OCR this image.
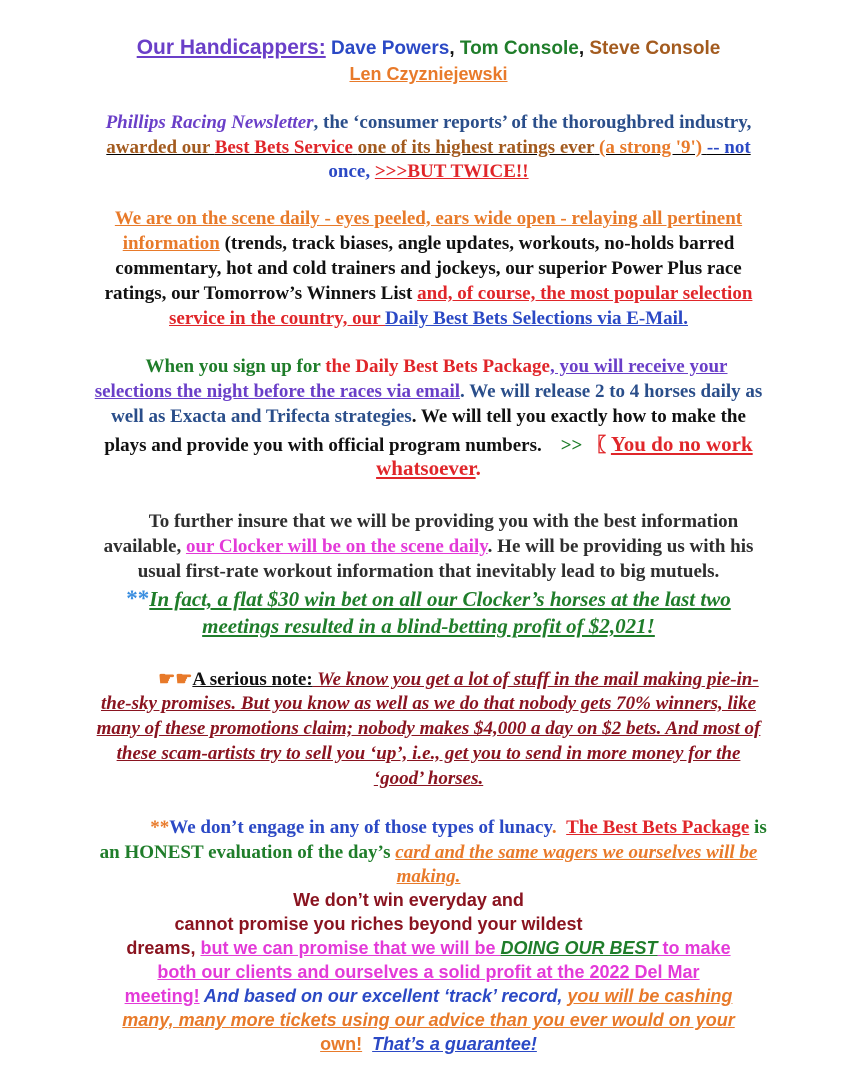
Our Handicappers: Dave Powers, Tom Console, Steve Console
Len Czyzniejewski
Phillips Racing Newsletter, the ‘consumer reports’ of the thoroughbred industry,
awarded our Best Bets Service one of its highest ratings ever (a strong '9') -- not
once, >>>BUT TWICE!!
We are on the scene daily - eyes peeled, ears wide open - relaying all pertinent
information (trends, track biases, angle updates, workouts, no-holds barred
commentary, hot and cold trainers and jockeys, our superior Power Plus race
ratings, our Tomorrow’s Winners List and, of course, the most popular selection
service in the country, our Daily Best Bets Selections via E-Mail.
When you sign up for the Daily Best Bets Package, you will receive your
selections the night before the races via email. We will release 2 to 4 horses daily as
well as Exacta and Trifecta strategies. We will tell you exactly how to make the
plays and provide you with official program numbers. >> 〖 You do no work
whatsoever.
To further insure that we will be providing you with the best information
available, our Clocker will be on the scene daily. He will be providing us with his
usual first-rate workout information that inevitably lead to big mutuels.
**In fact, a flat $30 win bet on all our Clocker’s horses at the last two
meetings resulted in a blind-betting profit of $2,021!
☛☛A serious note: We know you get a lot of stuff in the mail making pie-in-
the-sky promises. But you know as well as we do that nobody gets 70% winners, like
many of these promotions claim; nobody makes $4,000 a day on $2 bets. And most of
these scam-artists try to sell you ‘up’, i.e., get you to send in more money for the
‘good’ horses.
**We don’t engage in any of those types of lunacy. The Best Bets Package is
an HONEST evaluation of the day’s card and the same wagers we ourselves will be
making.
We don’t win everyday and
cannot promise you riches beyond your wildest
dreams, but we can promise that we will be DOING OUR BEST to make
both our clients and ourselves a solid profit at the 2022 Del Mar
meeting! And based on our excellent ‘track’ record, you will be cashing
many, many more tickets using our advice than you ever would on your
own! That’s a guarantee!
